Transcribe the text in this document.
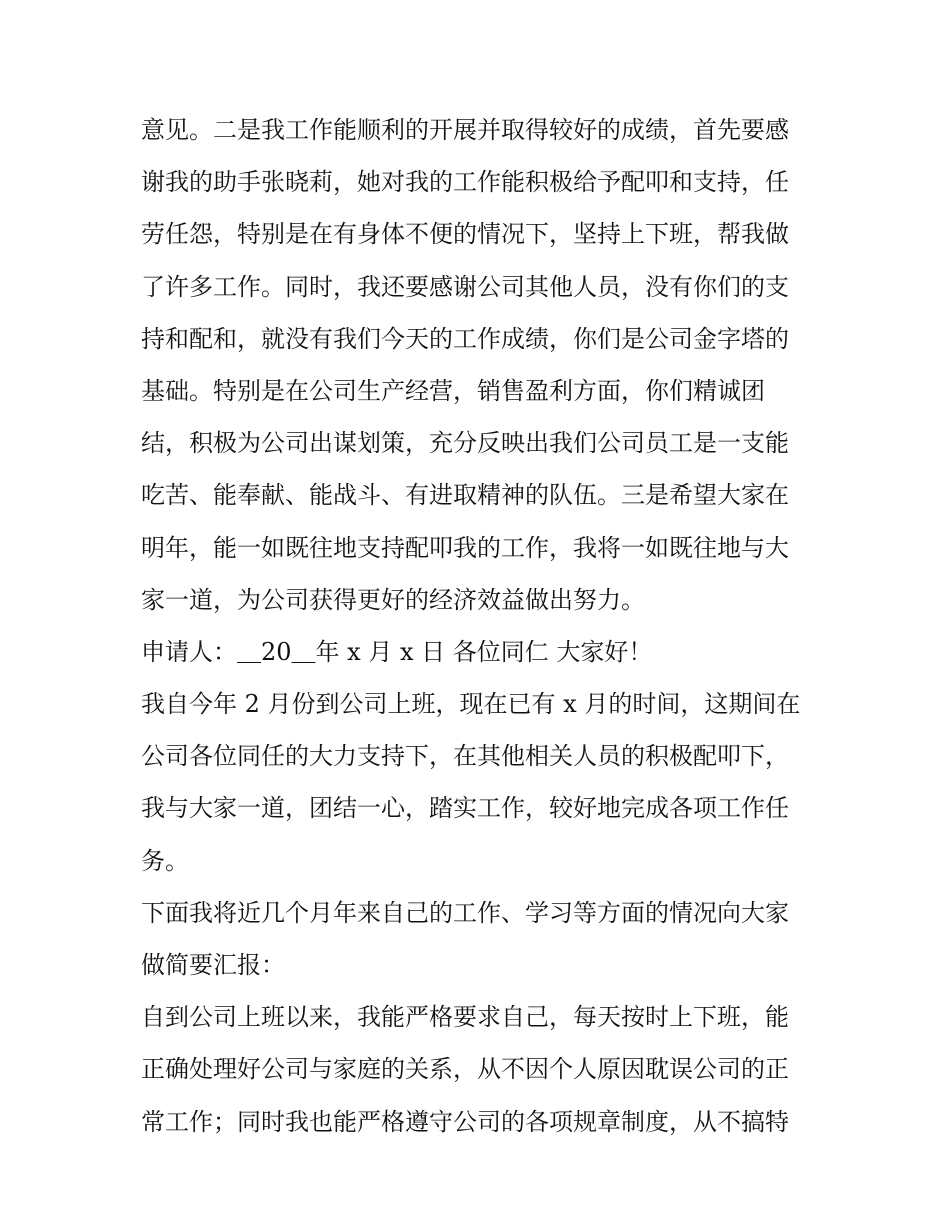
意见。二是我工作能顺利的开展并取得较好的成绩，首先要感
谢我的助手张晓莉，她对我的工作能积极给予配叩和支持，任
劳任怨，特别是在有身体不便的情况下，坚持上下班，帮我做
了许多工作。同时，我还要感谢公司其他人员，没有你们的支
持和配和，就没有我们今天的工作成绩，你们是公司金字塔的
基础。特别是在公司生产经营，销售盈利方面，你们精诚团
结，积极为公司出谋划策，充分反映出我们公司员工是一支能
吃苦、能奉献、能战斗、有进取精神的队伍。三是希望大家在
明年，能一如既往地支持配叩我的工作，我将一如既往地与大
家一道，为公司获得更好的经济效益做出努力。
申请人：＿20＿年 x 月 x 日 各位同仁 大家好！
我自今年 2 月份到公司上班，现在已有 x 月的时间，这期间在
公司各位同任的大力支持下，在其他相关人员的积极配叩下，
我与大家一道，团结一心，踏实工作，较好地完成各项工作任
务。
下面我将近几个月年来自己的工作、学习等方面的情况向大家
做简要汇报：
自到公司上班以来，我能严格要求自己，每天按时上下班，能
正确处理好公司与家庭的关系，从不因个人原因耽误公司的正
常工作；同时我也能严格遵守公司的各项规章制度，从不搞特
